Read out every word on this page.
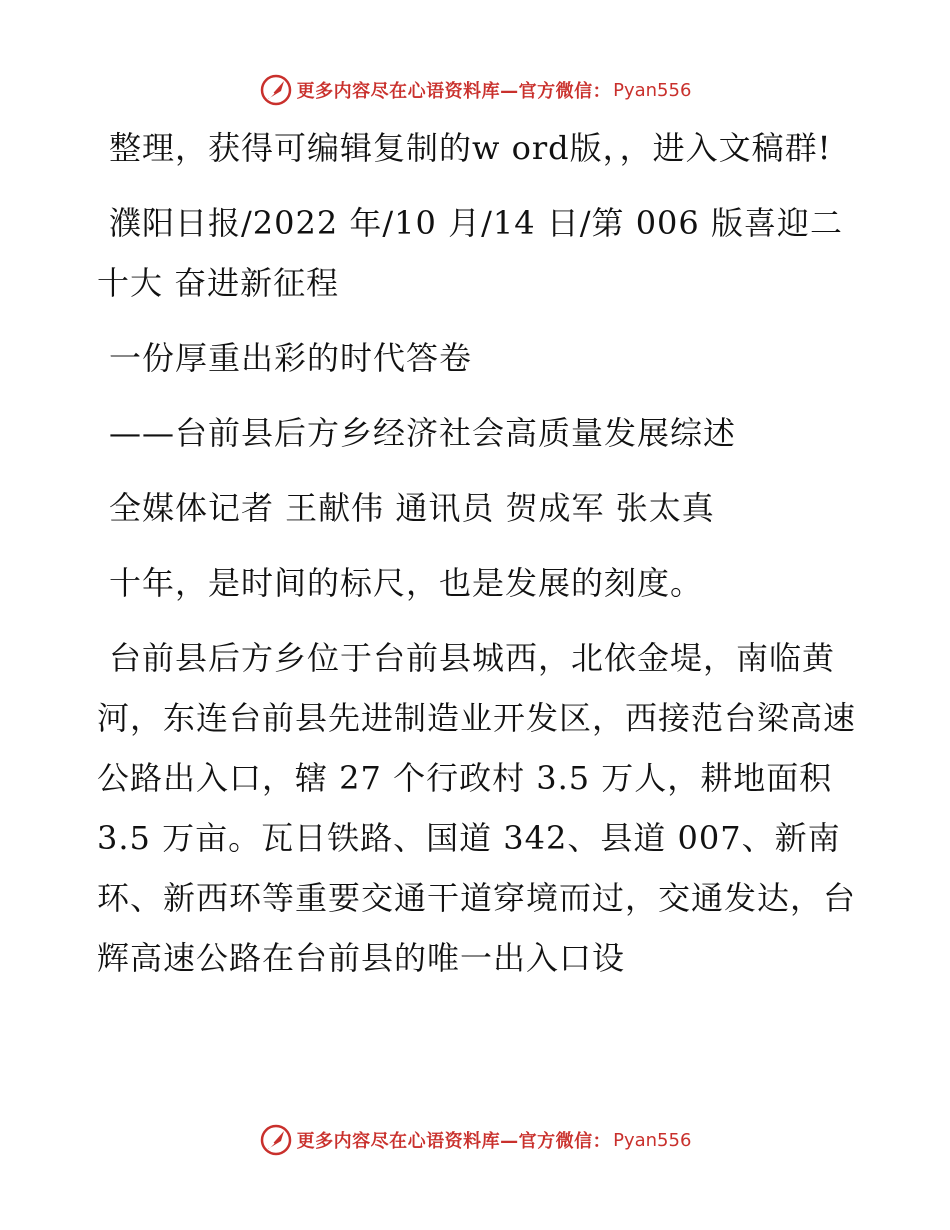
更多内容尽在心语资料库—官方微信： Pyan556

整理，获得可编辑复制的w ord版，，进入文稿群!

濮阳日报/2022 年/10 月/14 日/第 006 版喜迎二十大 奋进新征程

一份厚重出彩的时代答卷

——台前县后方乡经济社会高质量发展综述

全媒体记者 王献伟 通讯员 贺成军 张太真

十年，是时间的标尺，也是发展的刻度。

台前县后方乡位于台前县城西，北依金堤，南临黄河，东连台前县先进制造业开发区，西接范台梁高速公路出入口，辖 27 个行政村 3.5 万人，耕地面积 3.5 万亩。瓦日铁路、国道 342、县道 007、新南环、新西环等重要交通干道穿境而过，交通发达，台辉高速公路在台前县的唯一出入口设

更多内容尽在心语资料库—官方微信： Pyan556
